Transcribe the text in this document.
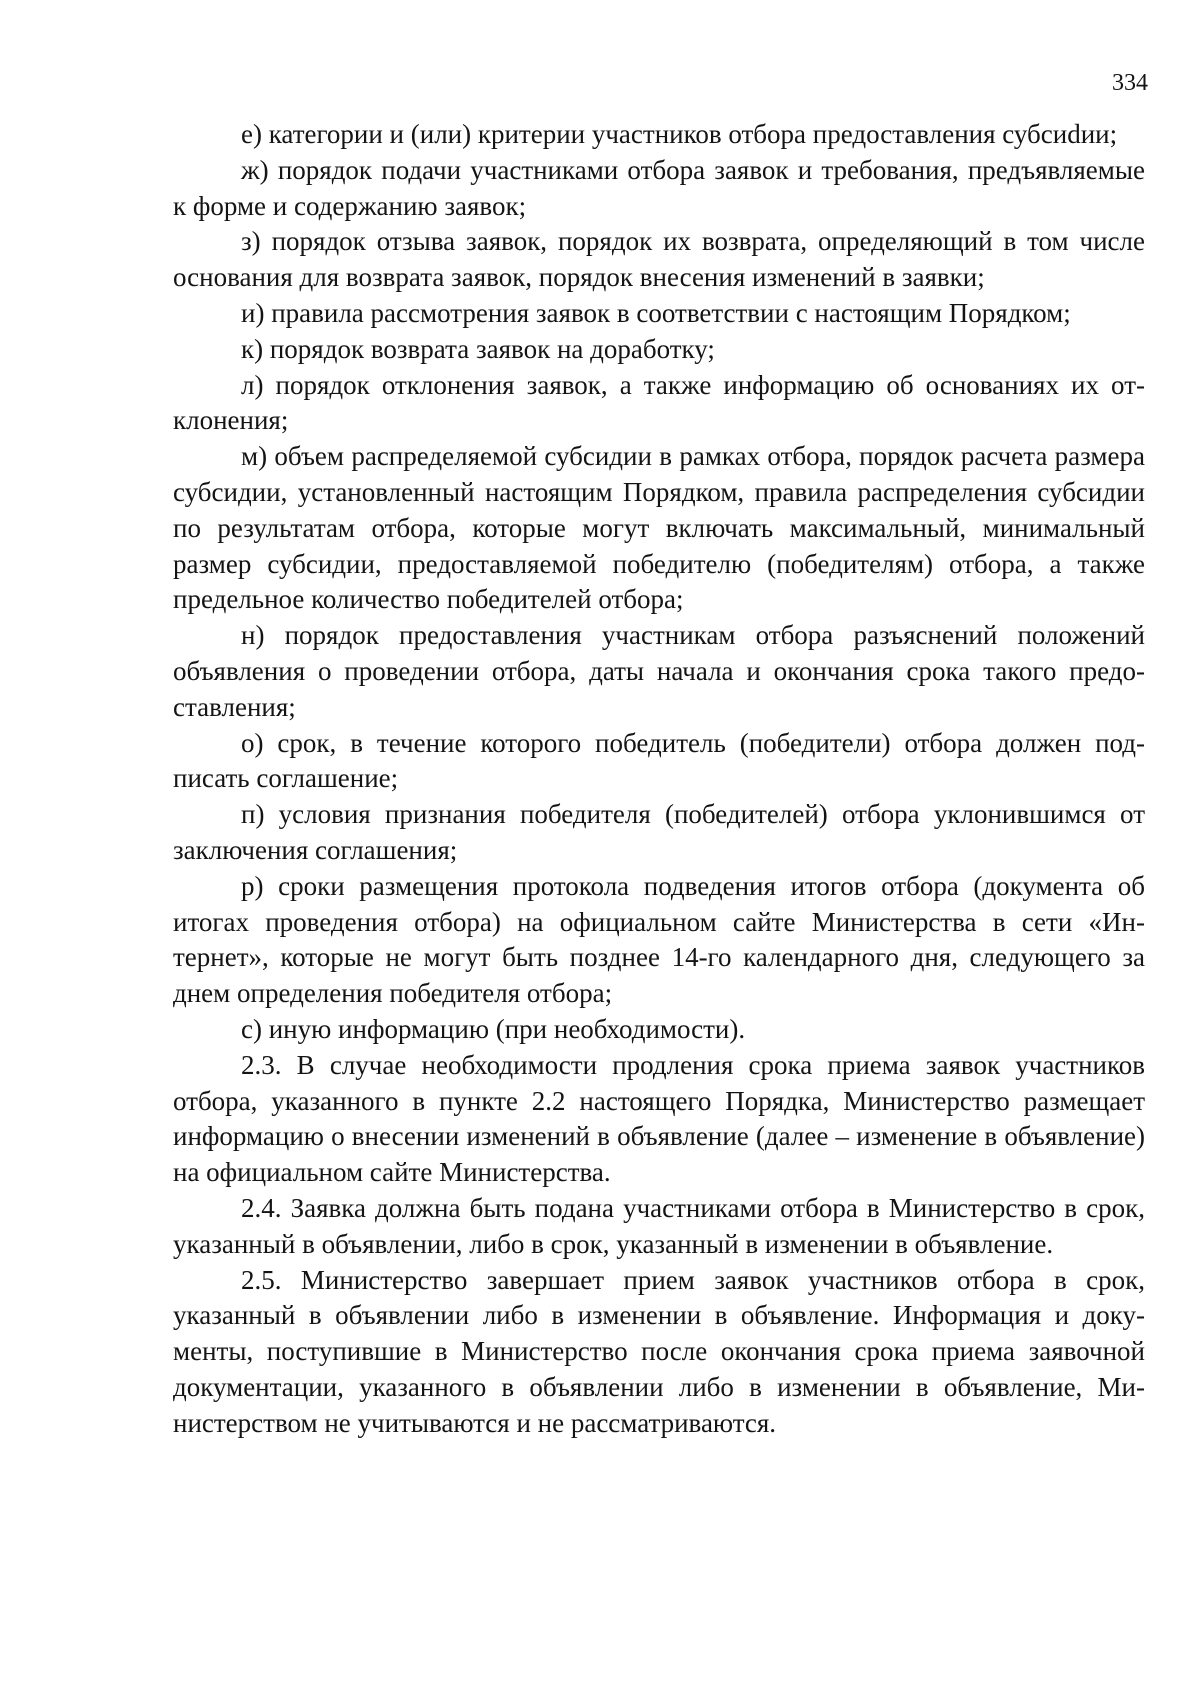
334

е) категории и (или) критерии участников отбора предоставления субсиdии;

ж) порядок подачи участниками отбора заявок и требования, предъявляемые к форме и содержанию заявок;

з) порядок отзыва заявок, порядок их возврата, определяющий в том числе основания для возврата заявок, порядок внесения изменений в заявки;

и) правила рассмотрения заявок в соответствии с настоящим Порядком;

к) порядок возврата заявок на доработку;

л) порядок отклонения заявок, а также информацию об основаниях их отклонения;

м) объем распределяемой субсидии в рамках отбора, порядок расчета размера субсидии, установленный настоящим Порядком, правила распределения субсидии по результатам отбора, которые могут включать максимальный, минимальный размер субсидии, предоставляемой победителю (победителям) отбора, а также предельное количество победителей отбора;

н) порядок предоставления участникам отбора разъяснений положений объявления о проведении отбора, даты начала и окончания срока такого предоставления;

о) срок, в течение которого победитель (победители) отбора должен подписать соглашение;

п) условия признания победителя (победителей) отбора уклонившимся от заключения соглашения;

р) сроки размещения протокола подведения итогов отбора (документа об итогах проведения отбора) на официальном сайте Министерства в сети «Интернет», которые не могут быть позднее 14-го календарного дня, следующего за днем определения победителя отбора;

с) иную информацию (при необходимости).

2.3. В случае необходимости продления срока приема заявок участников отбора, указанного в пункте 2.2 настоящего Порядка, Министерство размещает информацию о внесении изменений в объявление (далее – изменение в объявление) на официальном сайте Министерства.

2.4. Заявка должна быть подана участниками отбора в Министерство в срок, указанный в объявлении, либо в срок, указанный в изменении в объявление.

2.5. Министерство завершает прием заявок участников отбора в срок, указанный в объявлении либо в изменении в объявление. Информация и документы, поступившие в Министерство после окончания срока приема заявочной документации, указанного в объявлении либо в изменении в объявление, Министерством не учитываются и не рассматриваются.
